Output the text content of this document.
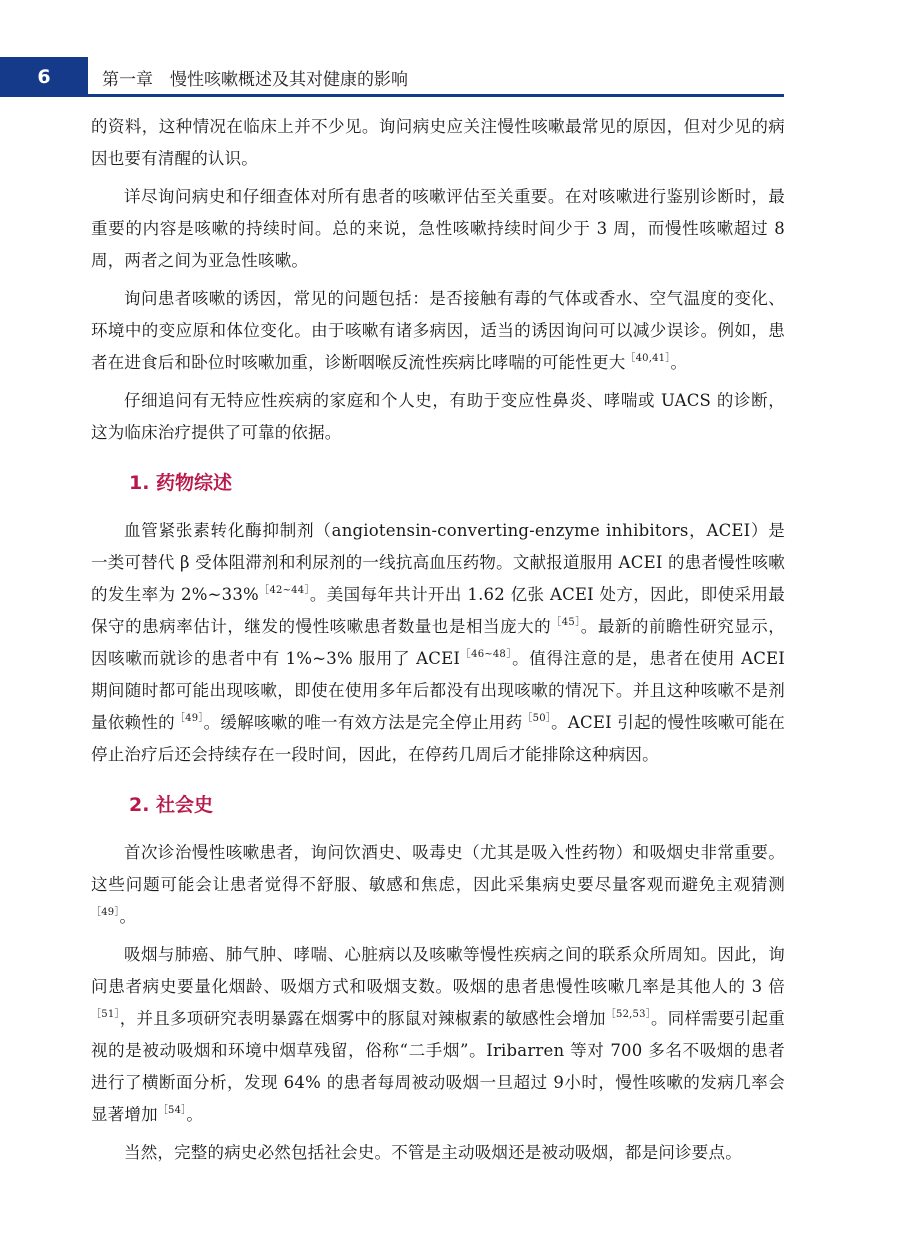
6	第一章　慢性咳嗽概述及其对健康的影响

的资料，这种情况在临床上并不少见。询问病史应关注慢性咳嗽最常见的原因，但对少见的病因也要有清醒的认识。

详尽询问病史和仔细查体对所有患者的咳嗽评估至关重要。在对咳嗽进行鉴别诊断时，最重要的内容是咳嗽的持续时间。总的来说，急性咳嗽持续时间少于 3 周，而慢性咳嗽超过 8 周，两者之间为亚急性咳嗽。

询问患者咳嗽的诱因，常见的问题包括：是否接触有毒的气体或香水、空气温度的变化、环境中的变应原和体位变化。由于咳嗽有诸多病因，适当的诱因询问可以减少误诊。例如，患者在进食后和卧位时咳嗽加重，诊断咽喉反流性疾病比哮喘的可能性更大$^{[40,41]}$。

仔细追问有无特应性疾病的家庭和个人史，有助于变应性鼻炎、哮喘或 UACS 的诊断，这为临床治疗提供了可靠的依据。

1. 药物综述

血管紧张素转化酶抑制剂（angiotensin-converting-enzyme inhibitors，ACEI）是一类可替代 β 受体阻滞剂和利尿剂的一线抗高血压药物。文献报道服用 ACEI 的患者慢性咳嗽的发生率为 2%~33%$^{[42\sim 44]}$。美国每年共计开出 1.62 亿张 ACEI 处方，因此，即使采用最保守的患病率估计，继发的慢性咳嗽患者数量也是相当庞大的$^{[45]}$。最新的前瞻性研究显示，因咳嗽而就诊的患者中有 1%~3% 服用了 ACEI$^{[46\sim 48]}$。值得注意的是，患者在使用 ACEI 期间随时都可能出现咳嗽，即使在使用多年后都没有出现咳嗽的情况下。并且这种咳嗽不是剂量依赖性的$^{[49]}$。缓解咳嗽的唯一有效方法是完全停止用药$^{[50]}$。ACEI 引起的慢性咳嗽可能在停止治疗后还会持续存在一段时间，因此，在停药几周后才能排除这种病因。

2. 社会史

首次诊治慢性咳嗽患者，询问饮酒史、吸毒史（尤其是吸入性药物）和吸烟史非常重要。这些问题可能会让患者觉得不舒服、敏感和焦虑，因此采集病史要尽量客观而避免主观猜测$^{[49]}$。

吸烟与肺癌、肺气肿、哮喘、心脏病以及咳嗽等慢性疾病之间的联系众所周知。因此，询问患者病史要量化烟龄、吸烟方式和吸烟支数。吸烟的患者患慢性咳嗽几率是其他人的 3 倍$^{[51]}$，并且多项研究表明暴露在烟雾中的豚鼠对辣椒素的敏感性会增加$^{[52,53]}$。同样需要引起重视的是被动吸烟和环境中烟草残留，俗称“二手烟”。Iribarren 等对 700 多名不吸烟的患者进行了横断面分析，发现 64% 的患者每周被动吸烟一旦超过 9小时，慢性咳嗽的发病几率会显著增加$^{[54]}$。

当然，完整的病史必然包括社会史。不管是主动吸烟还是被动吸烟，都是问诊要点。
